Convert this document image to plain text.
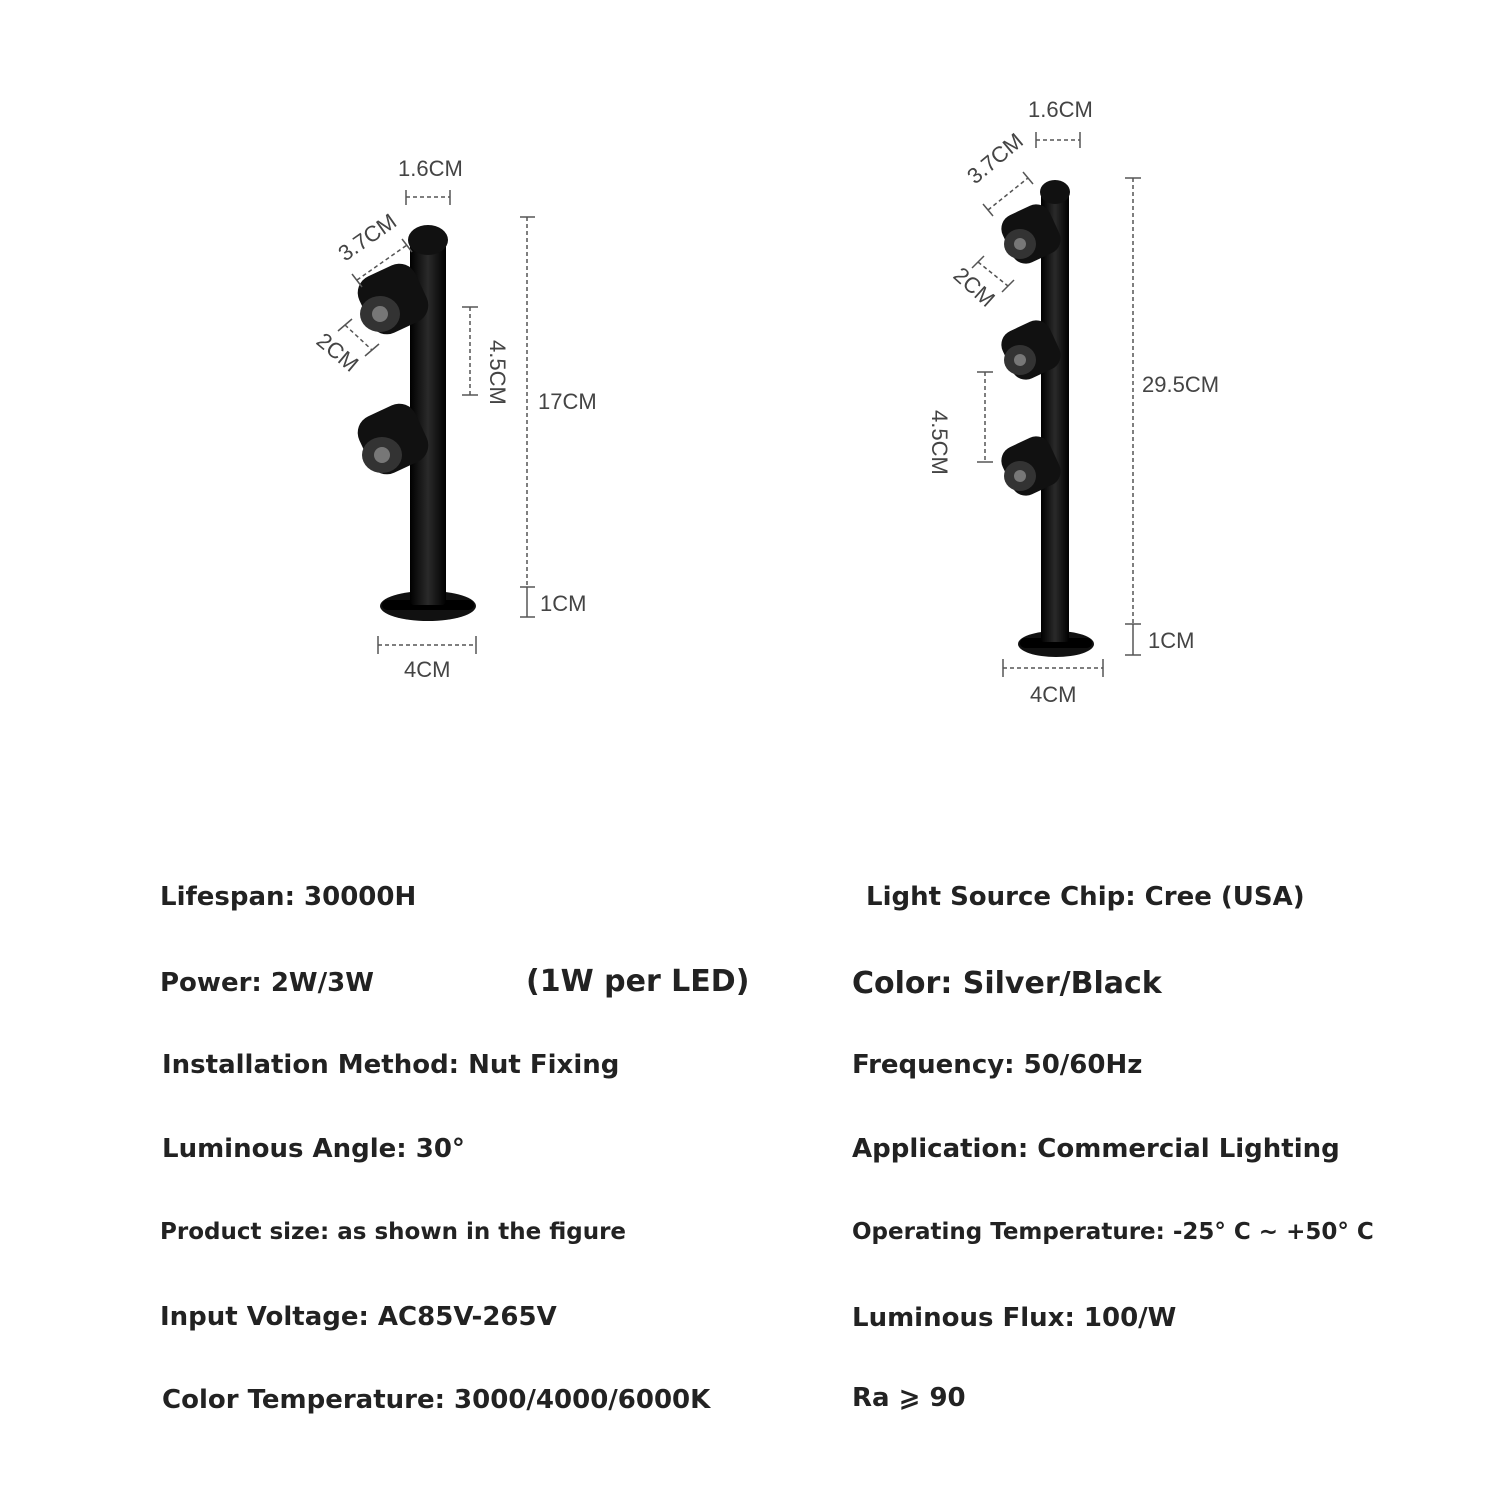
1.6CM
3.7CM
2CM	4.5CM 17CM
1CM
4CM
1.6CM
3.7CM
2CM
4.5CM
29.5CM
1CM
4CM
Lifespan: 30000H	Light Source Chip: Cree (USA)
Power: 2W/3W	(1W per LED)	Color: Silver/Black
Installation Method: Nut Fixing	Frequency: 50/60Hz
Luminous Angle: 30°	Application: Commercial Lighting
Product size: as shown in the figure	Operating Temperature: -25° C ~ +50° C
Input Voltage: AC85V-265V	Luminous Flux: 100/W
Color Temperature: 3000/4000/6000K	Ra ⩾ 90
